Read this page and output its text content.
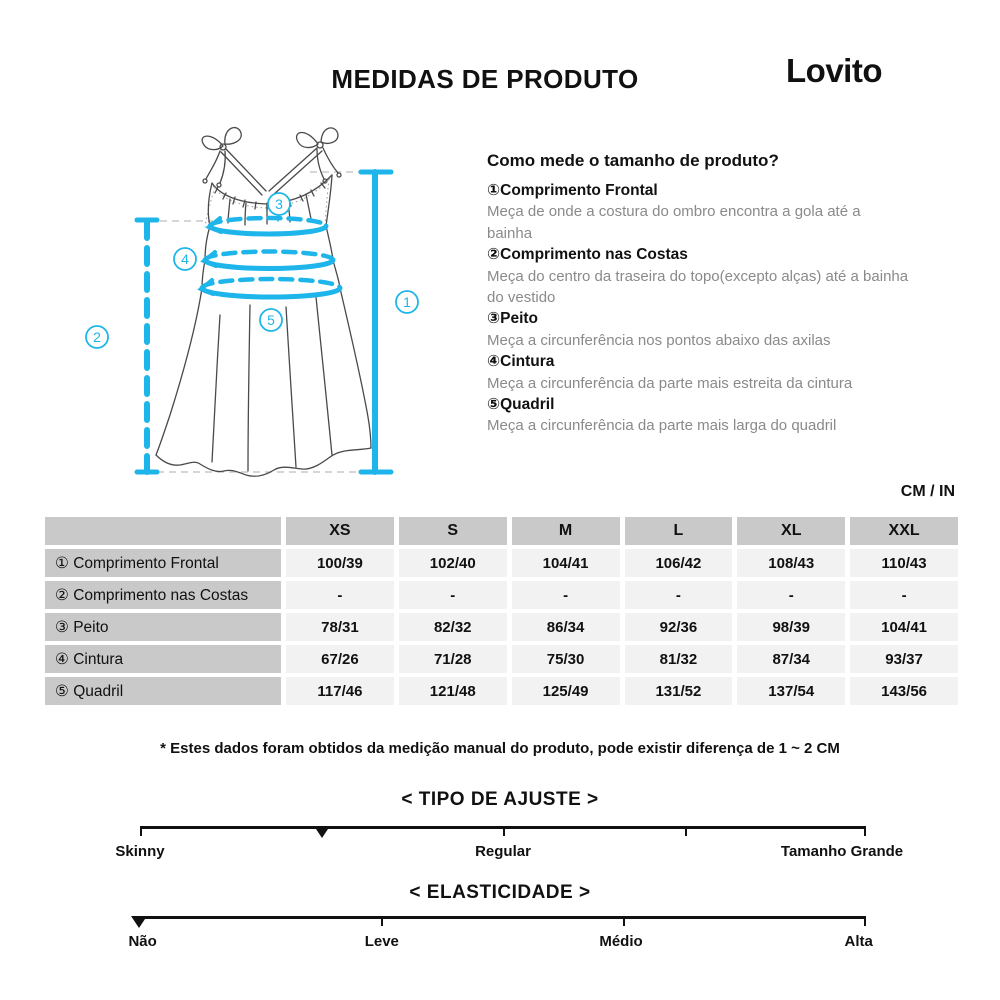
MEDIDAS DE PRODUTO	Lovito
1
2
3
4
5
Como mede o tamanho de produto?
①Comprimento Frontal
Meça de onde a costura do ombro encontra a gola até a
bainha
②Comprimento nas Costas
Meça do centro da traseira do topo(excepto alças) até a bainha
do vestido
③Peito
Meça a circunferência nos pontos abaixo das axilas
④Cintura
Meça a circunferência da parte mais estreita da cintura
⑤Quadril
Meça a circunferência da parte mais larga do quadril
CM / IN
XS	S	M	L	XL	XXL
① Comprimento Frontal	100/39	102/40	104/41	106/42	108/43	110/43
② Comprimento nas Costas	-	-	-	-	-	-
③ Peito	78/31	82/32	86/34	92/36	98/39	104/41
④ Cintura	67/26	71/28	75/30	81/32	87/34	93/37
⑤ Quadril	117/46	121/48	125/49	131/52	137/54	143/56
* Estes dados foram obtidos da medição manual do produto, pode existir diferença de 1 ~ 2 CM
< TIPO DE AJUSTE >
Skinny	Regular	Tamanho Grande
< ELASTICIDADE >
Não	Leve	Médio	Alta
